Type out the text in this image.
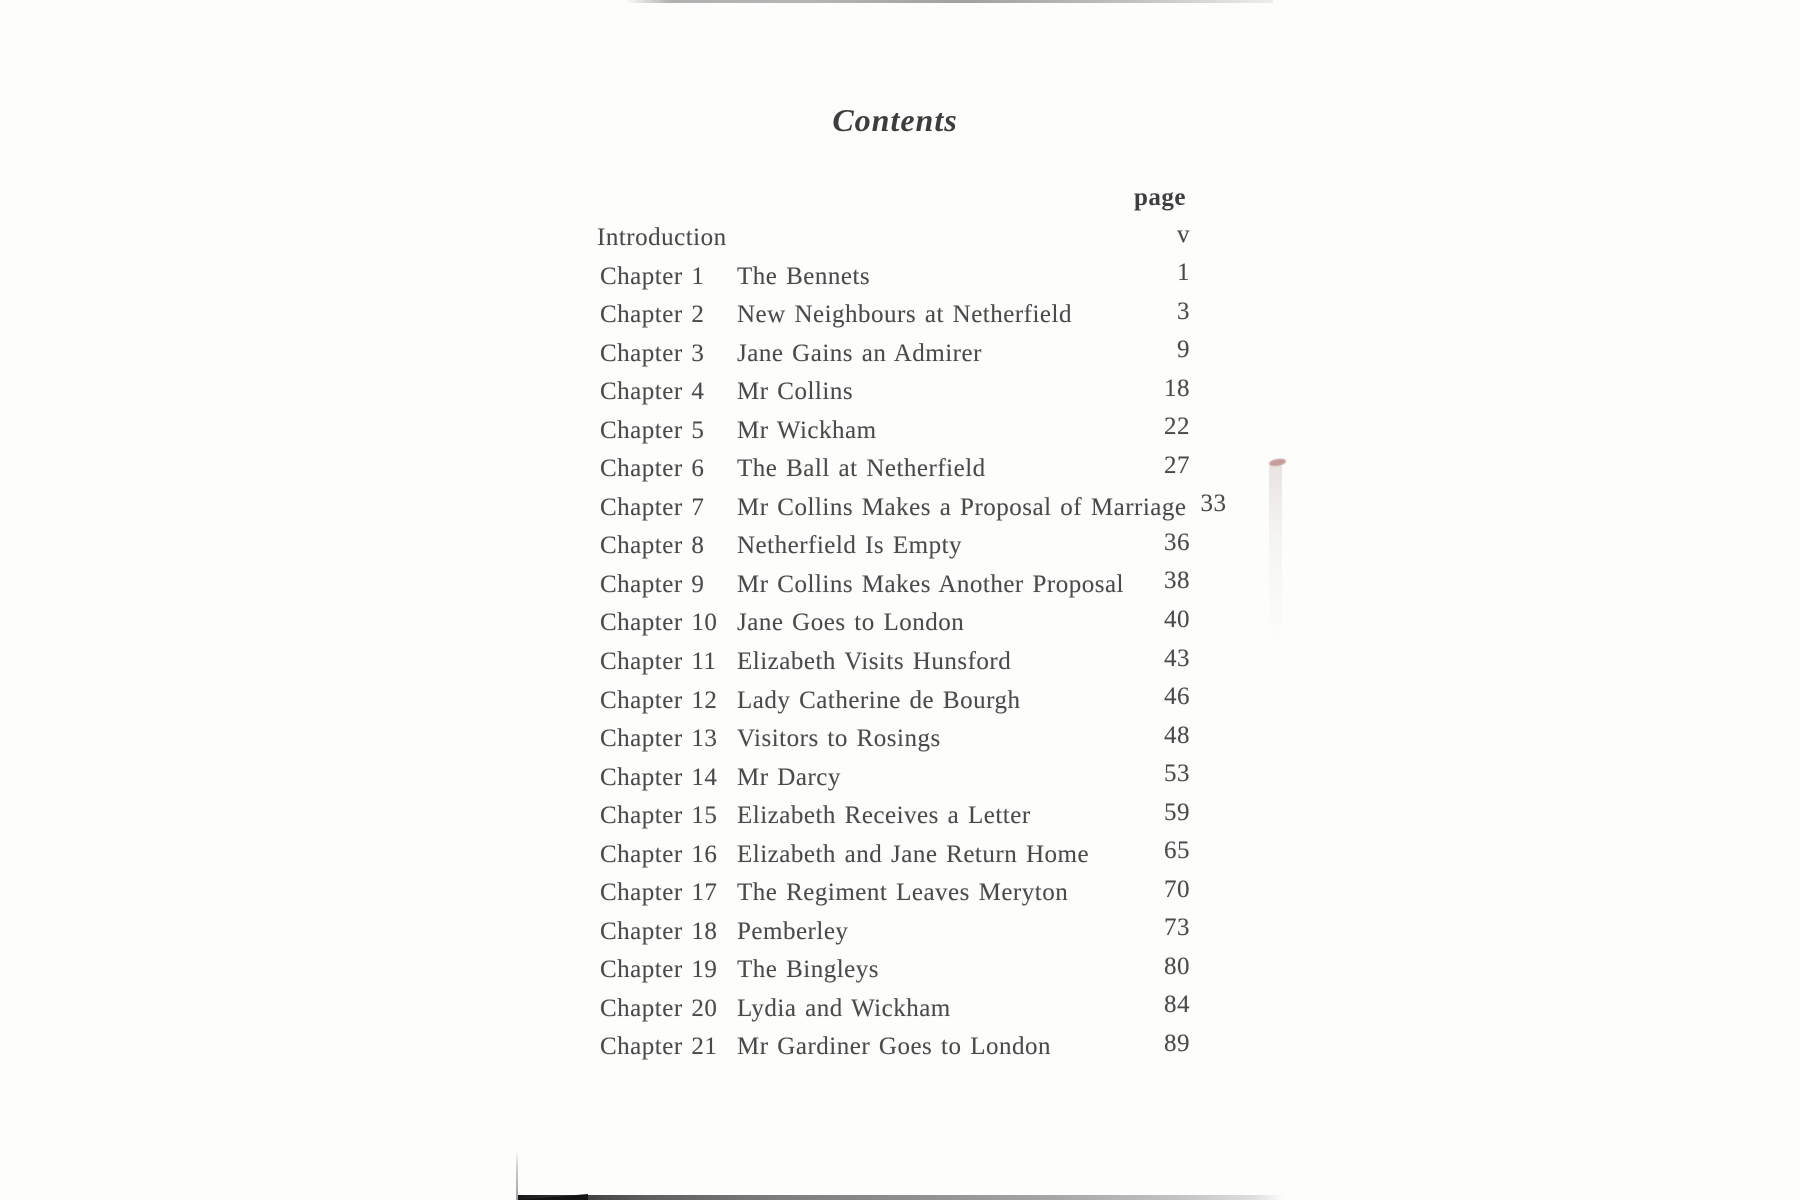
Contents
page
Introduction	v
Chapter 1	The Bennets	1
Chapter 2	New Neighbours at Netherfield	3
Chapter 3	Jane Gains an Admirer	9
Chapter 4	Mr Collins	18
Chapter 5	Mr Wickham	22
Chapter 6	The Ball at Netherfield	27
Chapter 7	Mr Collins Makes a Proposal of Marriage 33
Chapter 8	Netherfield Is Empty	36
Chapter 9	Mr Collins Makes Another Proposal	38
Chapter 10 Jane Goes to London	40
Chapter 11 Elizabeth Visits Hunsford	43
Chapter 12 Lady Catherine de Bourgh	46
Chapter 13 Visitors to Rosings	48
Chapter 14 Mr Darcy	53
Chapter 15 Elizabeth Receives a Letter	59
Chapter 16 Elizabeth and Jane Return Home	65
Chapter 17 The Regiment Leaves Meryton	70
Chapter 18 Pemberley	73
Chapter 19 The Bingleys	80
Chapter 20 Lydia and Wickham	84
Chapter 21 Mr Gardiner Goes to London	89
